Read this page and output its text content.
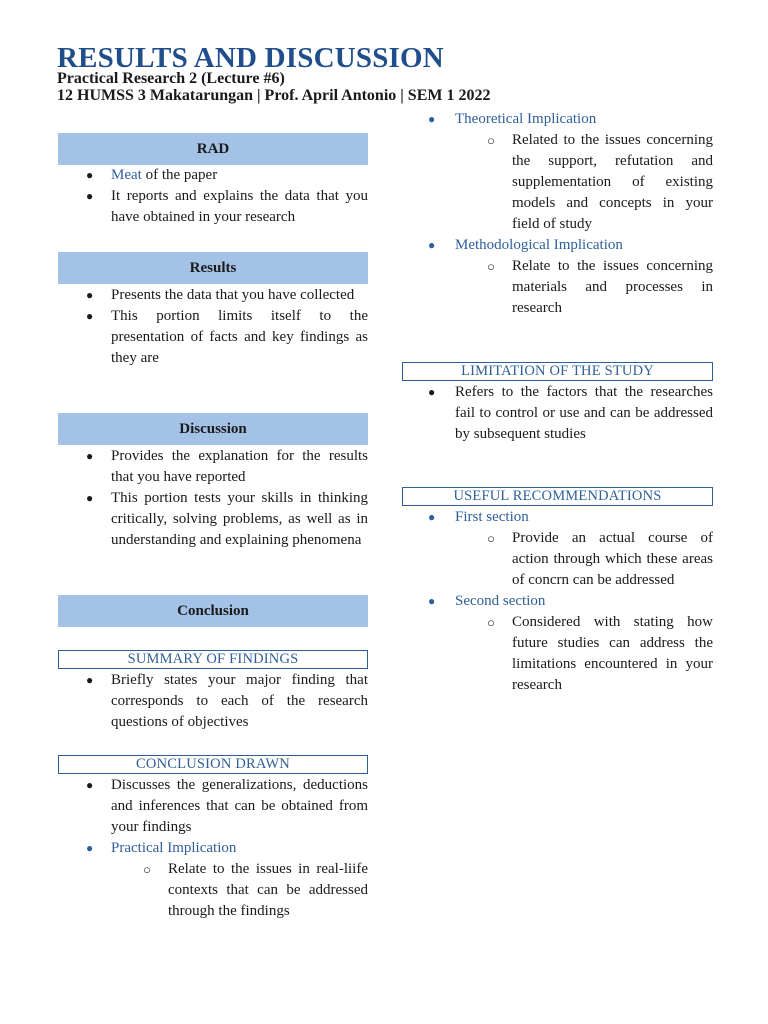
RESULTS AND DISCUSSION
Practical Research 2 (Lecture #6)
12 HUMSS 3 Makatarungan | Prof. April Antonio | SEM 1 2022
RAD
● Meat of the paper
● It reports and explains the data that you have obtained in your research
Results
● Presents the data that you have collected
● This portion limits itself to the presentation of facts and key findings as they are
Discussion
● Provides the explanation for the results that you have reported
● This portion tests your skills in thinking critically, solving problems, as well as in understanding and explaining phenomena
Conclusion
SUMMARY OF FINDINGS
● Briefly states your major finding that corresponds to each of the research questions of objectives
CONCLUSION DRAWN
● Discusses the generalizations, deductions and inferences that can be obtained from your findings
● Practical Implication
○ Relate to the issues in real-liife contexts that can be addressed through the findings
● Theoretical Implication
○ Related to the issues concerning the support, refutation and supplementation of existing models and concepts in your field of study
● Methodological Implication
○ Relate to the issues concerning materials and processes in research
LIMITATION OF THE STUDY
● Refers to the factors that the researches fail to control or use and can be addressed by subsequent studies
USEFUL RECOMMENDATIONS
● First section
○ Provide an actual course of action through which these areas of concrn can be addressed
● Second section
○ Considered with stating how future studies can address the limitations encountered in your research
